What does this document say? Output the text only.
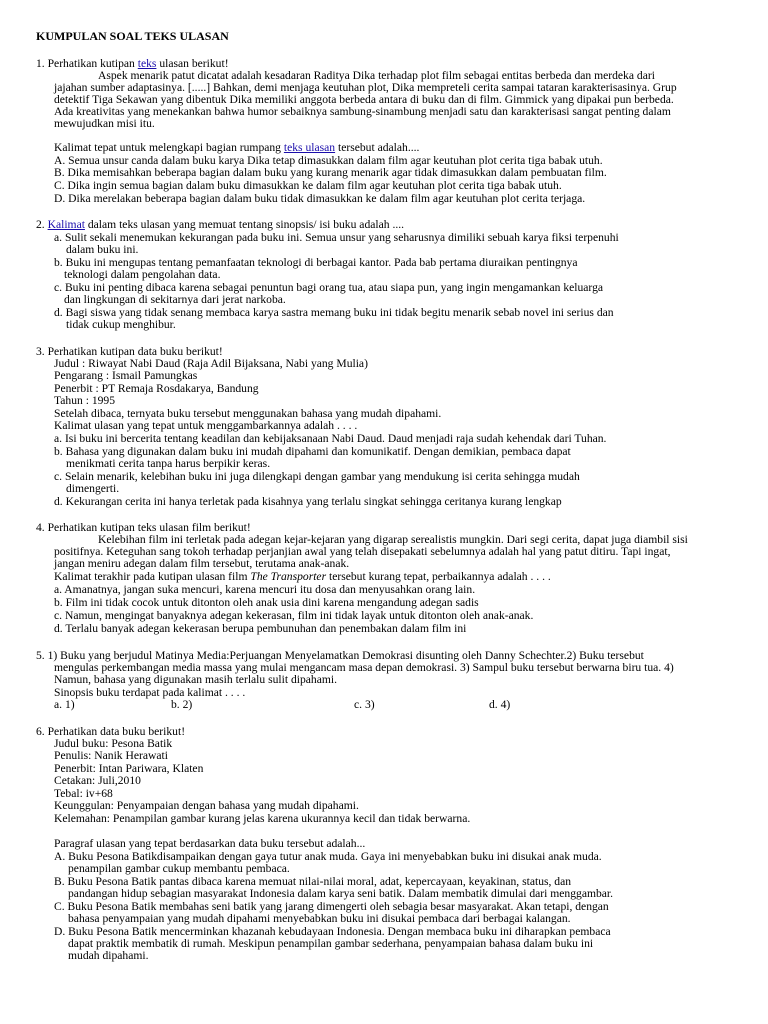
KUMPULAN SOAL TEKS ULASAN
1. Perhatikan kutipan teks ulasan berikut!
Aspek menarik patut dicatat adalah kesadaran Raditya Dika terhadap plot film sebagai entitas berbeda dan merdeka dari
jajahan sumber adaptasinya. [.....] Bahkan, demi menjaga keutuhan plot, Dika mempreteli cerita sampai tataran karakterisasinya. Grup
detektif Tiga Sekawan yang dibentuk Dika memiliki anggota berbeda antara di buku dan di film. Gimmick yang dipakai pun berbeda.
Ada kreativitas yang menekankan bahwa humor sebaiknya sambung-sinambung menjadi satu dan karakterisasi sangat penting dalam
mewujudkan misi itu.
Kalimat tepat untuk melengkapi bagian rumpang teks ulasan tersebut adalah....
A. Semua unsur canda dalam buku karya Dika tetap dimasukkan dalam film agar keutuhan plot cerita tiga babak utuh.
B. Dika memisahkan beberapa bagian dalam buku yang kurang menarik agar tidak dimasukkan dalam pembuatan film.
C. Dika ingin semua bagian dalam buku dimasukkan ke dalam film agar keutuhan plot cerita tiga babak utuh.
D. Dika merelakan beberapa bagian dalam buku tidak dimasukkan ke dalam film agar keutuhan plot cerita terjaga.
2. Kalimat dalam teks ulasan yang memuat tentang sinopsis/ isi buku adalah ....
a. Sulit sekali menemukan kekurangan pada buku ini. Semua unsur yang seharusnya dimiliki sebuah karya fiksi terpenuhi
dalam buku ini.
b. Buku ini mengupas tentang pemanfaatan teknologi di berbagai kantor. Pada bab pertama diuraikan pentingnya
teknologi dalam pengolahan data.
c. Buku ini penting dibaca karena sebagai penuntun bagi orang tua, atau siapa pun, yang ingin mengamankan keluarga
dan lingkungan di sekitarnya dari jerat narkoba.
d. Bagi siswa yang tidak senang membaca karya sastra memang buku ini tidak begitu menarik sebab novel ini serius dan
tidak cukup menghibur.
3. Perhatikan kutipan data buku berikut!
Judul : Riwayat Nabi Daud (Raja Adil Bijaksana, Nabi yang Mulia)
Pengarang : Ismail Pamungkas
Penerbit : PT Remaja Rosdakarya, Bandung
Tahun : 1995
Setelah dibaca, ternyata buku tersebut menggunakan bahasa yang mudah dipahami.
Kalimat ulasan yang tepat untuk menggambarkannya adalah . . . .
a. Isi buku ini bercerita tentang keadilan dan kebijaksanaan Nabi Daud. Daud menjadi raja sudah kehendak dari Tuhan.
b. Bahasa yang digunakan dalam buku ini mudah dipahami dan komunikatif. Dengan demikian, pembaca dapat
menikmati cerita tanpa harus berpikir keras.
c. Selain menarik, kelebihan buku ini juga dilengkapi dengan gambar yang mendukung isi cerita sehingga mudah
dimengerti.
d. Kekurangan cerita ini hanya terletak pada kisahnya yang terlalu singkat sehingga ceritanya kurang lengkap
4. Perhatikan kutipan teks ulasan film berikut!
Kelebihan film ini terletak pada adegan kejar-kejaran yang digarap serealistis mungkin. Dari segi cerita, dapat juga diambil sisi
positifnya. Keteguhan sang tokoh terhadap perjanjian awal yang telah disepakati sebelumnya adalah hal yang patut ditiru. Tapi ingat,
jangan meniru adegan dalam film tersebut, terutama anak-anak.
Kalimat terakhir pada kutipan ulasan film The Transporter tersebut kurang tepat, perbaikannya adalah . . . .
a. Amanatnya, jangan suka mencuri, karena mencuri itu dosa dan menyusahkan orang lain.
b. Film ini tidak cocok untuk ditonton oleh anak usia dini karena mengandung adegan sadis
c. Namun, mengingat banyaknya adegan kekerasan, film ini tidak layak untuk ditonton oleh anak-anak.
d. Terlalu banyak adegan kekerasan berupa pembunuhan dan penembakan dalam film ini
5. 1) Buku yang berjudul Matinya Media:Perjuangan Menyelamatkan Demokrasi disunting oleh Danny Schechter.2) Buku tersebut
mengulas perkembangan media massa yang mulai mengancam masa depan demokrasi. 3) Sampul buku tersebut berwarna biru tua. 4)
Namun, bahasa yang digunakan masih terlalu sulit dipahami.
Sinopsis buku terdapat pada kalimat . . . .
a. 1)	b. 2)	c. 3)	d. 4)
6. Perhatikan data buku berikut!
Judul buku: Pesona Batik
Penulis: Nanik Herawati
Penerbit: Intan Pariwara, Klaten
Cetakan: Juli,2010
Tebal: iv+68
Keunggulan: Penyampaian dengan bahasa yang mudah dipahami.
Kelemahan: Penampilan gambar kurang jelas karena ukurannya kecil dan tidak berwarna.
Paragraf ulasan yang tepat berdasarkan data buku tersebut adalah...
A. Buku Pesona Batikdisampaikan dengan gaya tutur anak muda. Gaya ini menyebabkan buku ini disukai anak muda.
penampilan gambar cukup membantu pembaca.
B. Buku Pesona Batik pantas dibaca karena memuat nilai-nilai moral, adat, kepercayaan, keyakinan, status, dan
pandangan hidup sebagian masyarakat Indonesia dalam karya seni batik. Dalam membatik dimulai dari menggambar.
C. Buku Pesona Batik membahas seni batik yang jarang dimengerti oleh sebagia besar masyarakat. Akan tetapi, dengan
bahasa penyampaian yang mudah dipahami menyebabkan buku ini disukai pembaca dari berbagai kalangan.
D. Buku Pesona Batik mencerminkan khazanah kebudayaan Indonesia. Dengan membaca buku ini diharapkan pembaca
dapat praktik membatik di rumah. Meskipun penampilan gambar sederhana, penyampaian bahasa dalam buku ini
mudah dipahami.
